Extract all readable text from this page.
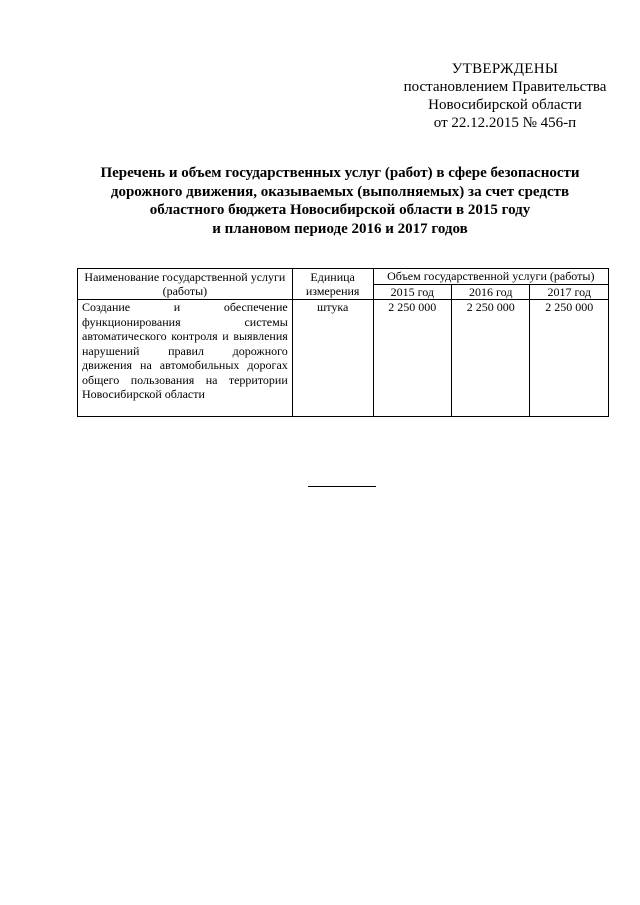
УТВЕРЖДЕНЫ
постановлением Правительства
Новосибирской области
от 22.12.2015 № 456-п
Перечень и объем государственных услуг (работ) в сфере безопасности
дорожного движения, оказываемых (выполняемых) за счет средств
областного бюджета Новосибирской области в 2015 году
и плановом периоде 2016 и 2017 годов
Наименование государственной услуги (работы)	Единица измерения	Объем государственной услуги (работы)		
		2015 год	2016 год	2017 год
Создание и обеспечение функционирования системы автоматического контроля и выявления нарушений правил дорожного движения на автомобильных дорогах общего пользования на территории Новосибирской области	штука	2 250 000	2 250 000	2 250 000
